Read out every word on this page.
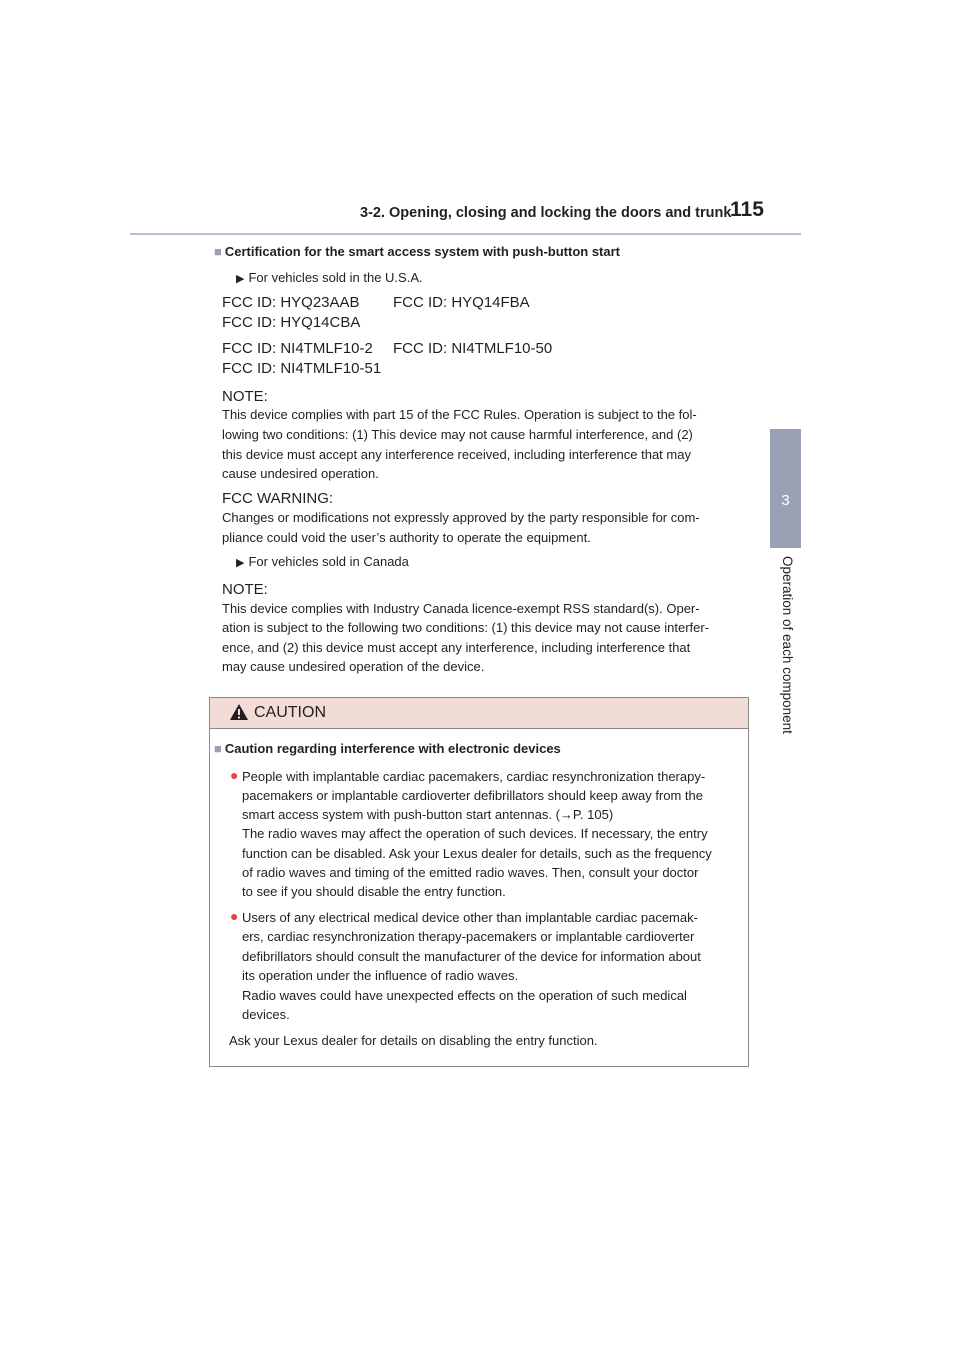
3-2. Opening, closing and locking the doors and trunk
115
3
Operation of each component
■ Certification for the smart access system with push-button start
▶ For vehicles sold in the U.S.A.
FCC ID: HYQ23AAB FCC ID: HYQ14FBA
FCC ID: HYQ14CBA
FCC ID: NI4TMLF10-2 FCC ID: NI4TMLF10-50
FCC ID: NI4TMLF10-51
NOTE:
This device complies with part 15 of the FCC Rules. Operation is subject to the fol-
lowing two conditions: (1) This device may not cause harmful interference, and (2)
this device must accept any interference received, including interference that may
cause undesired operation.
FCC WARNING:
Changes or modifications not expressly approved by the party responsible for com-
pliance could void the user’s authority to operate the equipment.
▶ For vehicles sold in Canada
NOTE:
This device complies with Industry Canada licence-exempt RSS standard(s). Oper-
ation is subject to the following two conditions: (1) this device may not cause interfer-
ence, and (2) this device must accept any interference, including interference that
may cause undesired operation of the device.
CAUTION
■ Caution regarding interference with electronic devices
● People with implantable cardiac pacemakers, cardiac resynchronization therapy-
pacemakers or implantable cardioverter defibrillators should keep away from the
smart access system with push-button start antennas. (→P. 105)
The radio waves may affect the operation of such devices. If necessary, the entry
function can be disabled. Ask your Lexus dealer for details, such as the frequency
of radio waves and timing of the emitted radio waves. Then, consult your doctor
to see if you should disable the entry function.
● Users of any electrical medical device other than implantable cardiac pacemak-
ers, cardiac resynchronization therapy-pacemakers or implantable cardioverter
defibrillators should consult the manufacturer of the device for information about
its operation under the influence of radio waves.
Radio waves could have unexpected effects on the operation of such medical
devices.
Ask your Lexus dealer for details on disabling the entry function.
